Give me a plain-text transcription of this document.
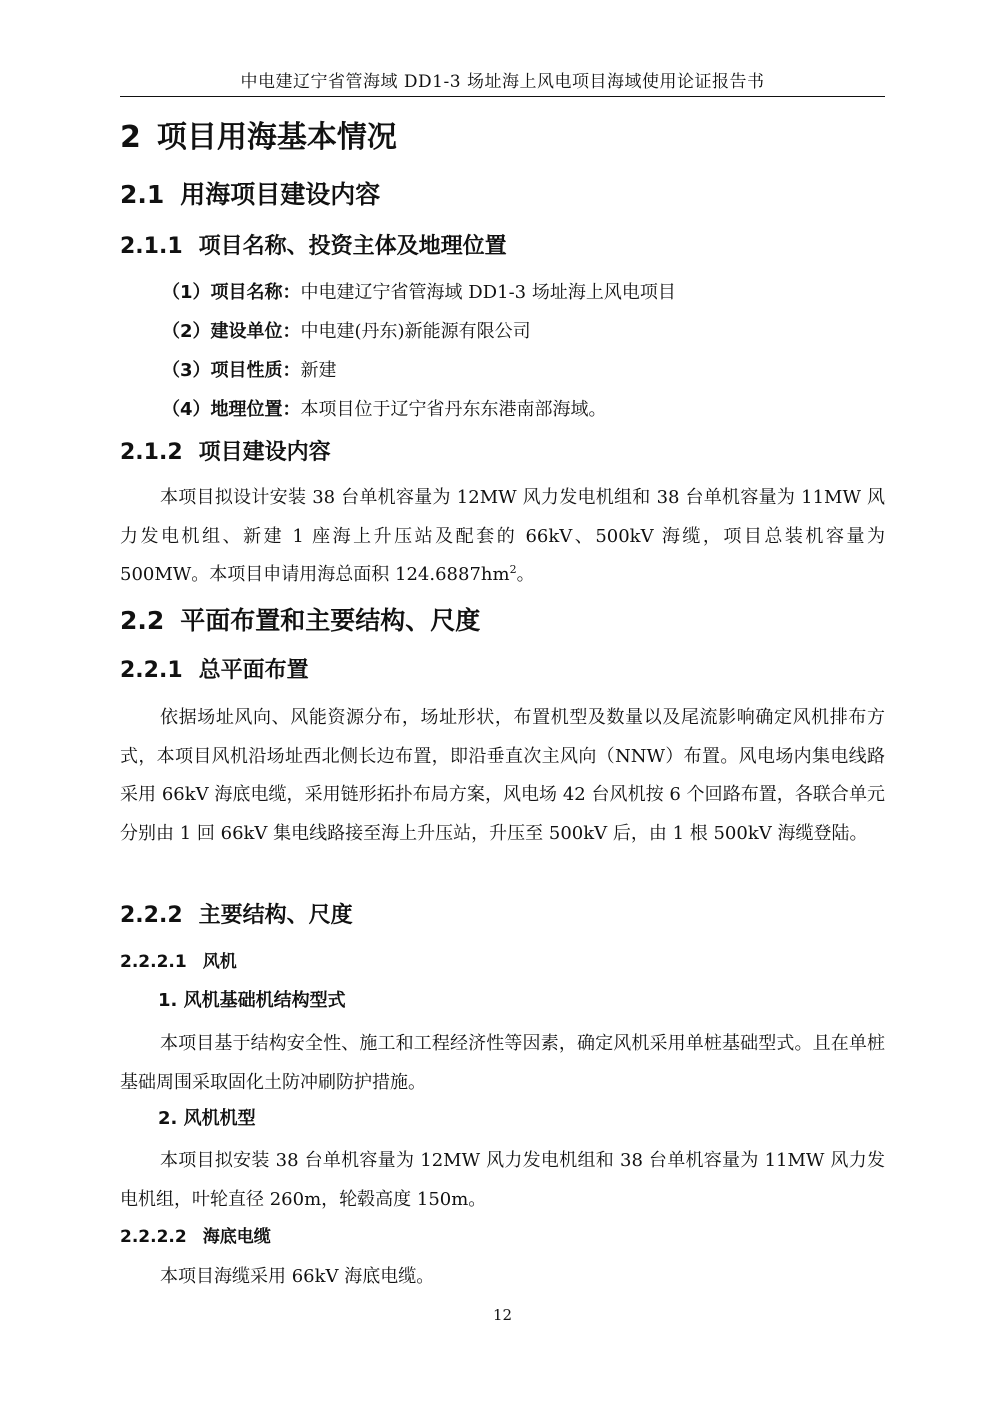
中电建辽宁省管海域 DD1-3 场址海上风电项目海域使用论证报告书
2 项目用海基本情况
2.1 用海项目建设内容
2.1.1 项目名称、投资主体及地理位置
（1）项目名称：中电建辽宁省管海域 DD1-3 场址海上风电项目
（2）建设单位：中电建(丹东)新能源有限公司
（3）项目性质：新建
（4）地理位置：本项目位于辽宁省丹东东港南部海域。
2.1.2 项目建设内容
本项目拟设计安装 38 台单机容量为 12MW 风力发电机组和 38 台单机容量为 11MW 风力发电机组、新建 1 座海上升压站及配套的 66kV、500kV 海缆，项目总装机容量为 500MW。本项目申请用海总面积 $124.6887hm^2$。
2.2 平面布置和主要结构、尺度
2.2.1 总平面布置
依据场址风向、风能资源分布，场址形状，布置机型及数量以及尾流影响确定风机排布方式，本项目风机沿场址西北侧长边布置，即沿垂直次主风向（NNW）布置。风电场内集电线路采用 66kV 海底电缆，采用链形拓扑布局方案，风电场 42 台风机按 6 个回路布置，各联合单元分别由 1 回 66kV 集电线路接至海上升压站，升压至 500kV 后，由 1 根 500kV 海缆登陆。
2.2.2 主要结构、尺度
2.2.2.1 风机
1. 风机基础机结构型式
本项目基于结构安全性、施工和工程经济性等因素，确定风机采用单桩基础型式。且在单桩基础周围采取固化土防冲刷防护措施。
2. 风机机型
本项目拟安装 38 台单机容量为 12MW 风力发电机组和 38 台单机容量为 11MW 风力发电机组，叶轮直径 260m，轮毂高度 150m。
2.2.2.2 海底电缆
本项目海缆采用 66kV 海底电缆。
12
